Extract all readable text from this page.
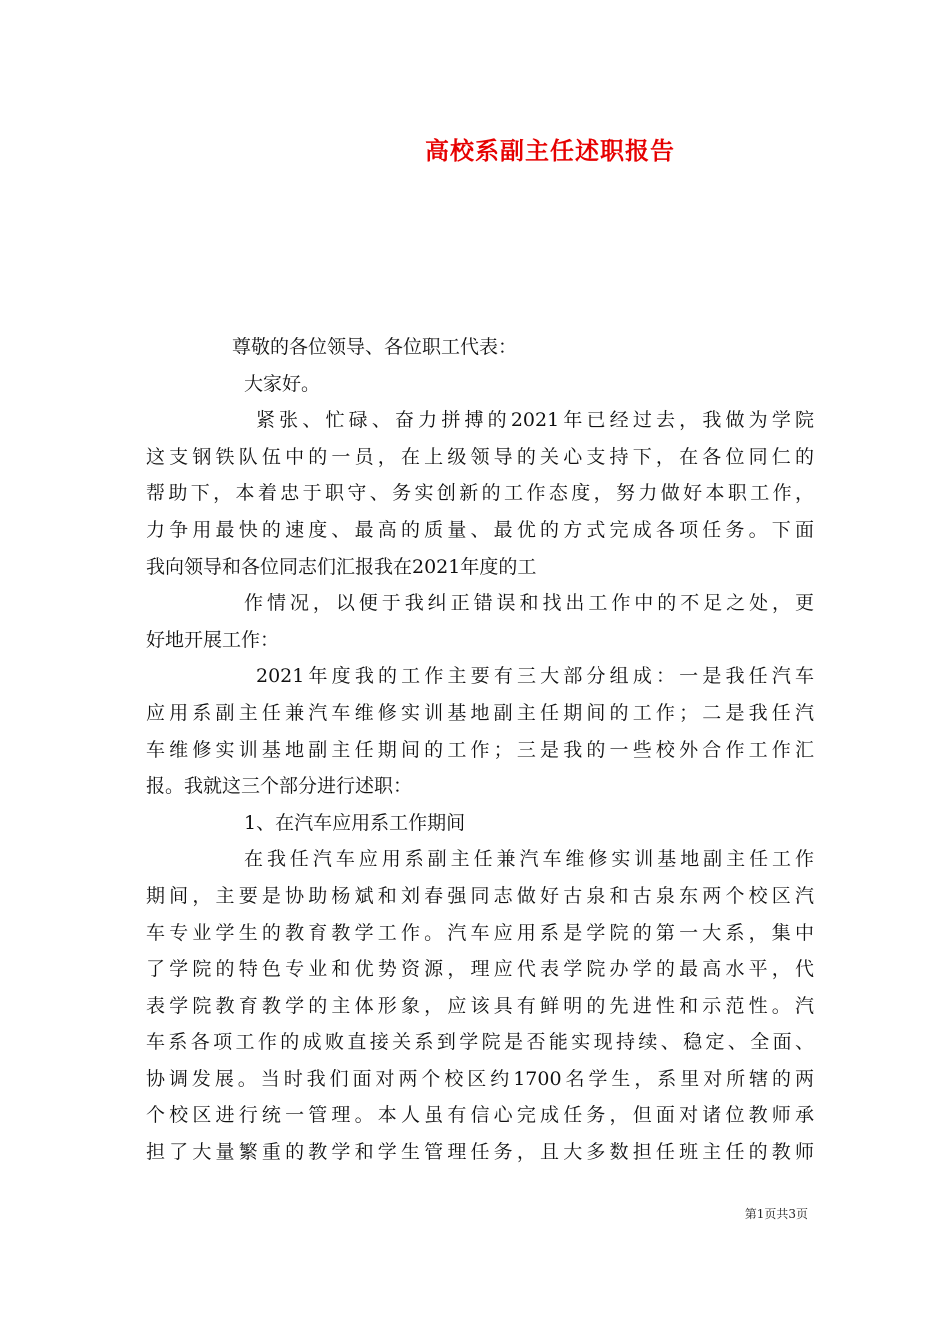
高校系副主任述职报告
尊敬的各位领导、各位职工代表：
大家好。
紧张、忙碌、奋力拼搏的2021年已经过去，我做为学院
这支钢铁队伍中的一员，在上级领导的关心支持下，在各位同仁的
帮助下，本着忠于职守、务实创新的工作态度，努力做好本职工作，
力争用最快的速度、最高的质量、最优的方式完成各项任务。下面
我向领导和各位同志们汇报我在2021年度的工
作情况，以便于我纠正错误和找出工作中的不足之处，更
好地开展工作：
2021年度我的工作主要有三大部分组成：一是我任汽车
应用系副主任兼汽车维修实训基地副主任期间的工作；二是我任汽
车维修实训基地副主任期间的工作；三是我的一些校外合作工作汇
报。我就这三个部分进行述职：
1、在汽车应用系工作期间
在我任汽车应用系副主任兼汽车维修实训基地副主任工作
期间，主要是协助杨斌和刘春强同志做好古泉和古泉东两个校区汽
车专业学生的教育教学工作。汽车应用系是学院的第一大系，集中
了学院的特色专业和优势资源，理应代表学院办学的最高水平，代
表学院教育教学的主体形象，应该具有鲜明的先进性和示范性。汽
车系各项工作的成败直接关系到学院是否能实现持续、稳定、全面、
协调发展。当时我们面对两个校区约1700名学生，系里对所辖的两
个校区进行统一管理。本人虽有信心完成任务，但面对诸位教师承
担了大量繁重的教学和学生管理任务，且大多数担任班主任的教师
第1页共3页
